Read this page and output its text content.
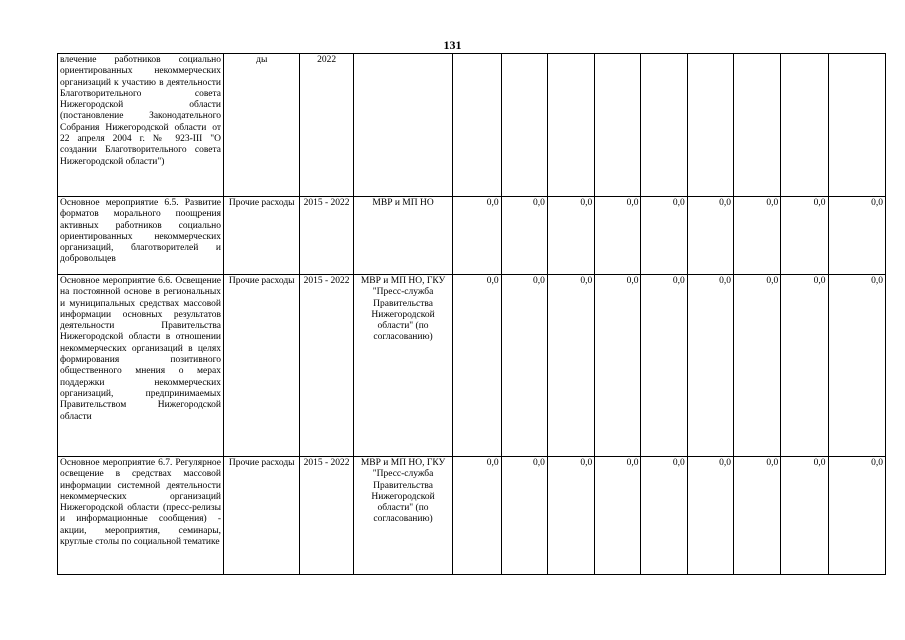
131
влечение работников социально ориентированных некоммерческих организаций к участию в деятельности Благотворительного совета Нижегородской области (постановление Законодательного Собрания Нижегородской области от 22 апреля 2004 г. № 923-III "О создании Благотворительного совета Нижегородской области")	ды	2022										

Основное мероприятие 6.5. Развитие форматов морального поощрения активных работников социально ориентированных некоммерческих организаций, благотворителей и добровольцев	Прочие расходы	2015 - 2022	МВР и МП НО	0,0	0,0	0,0	0,0	0,0	0,0	0,0	0,0	0,0

Основное мероприятие 6.6. Освещение на постоянной основе в региональных и муниципальных средствах массовой информации основных результатов деятельности Правительства Нижегородской области в отношении некоммерческих организаций в целях формирования позитивного общественного мнения о мерах поддержки некоммерческих организаций, предпринимаемых Правительством Нижегородской области	Прочие расходы	2015 - 2022	МВР и МП НО, ГКУ "Пресс-служба Правительства Нижегородской области" (по согласованию)	0,0	0,0	0,0	0,0	0,0	0,0	0,0	0,0	0,0

Основное мероприятие 6.7. Регулярное освещение в средствах массовой информации системной деятельности некоммерческих организаций Нижегородской области (пресс-релизы и информационные сообщения) - акции, мероприятия, семинары, круглые столы по социальной тематике	Прочие расходы	2015 - 2022	МВР и МП НО, ГКУ "Пресс-служба Правительства Нижегородской области" (по согласованию)	0,0	0,0	0,0	0,0	0,0	0,0	0,0	0,0	0,0
